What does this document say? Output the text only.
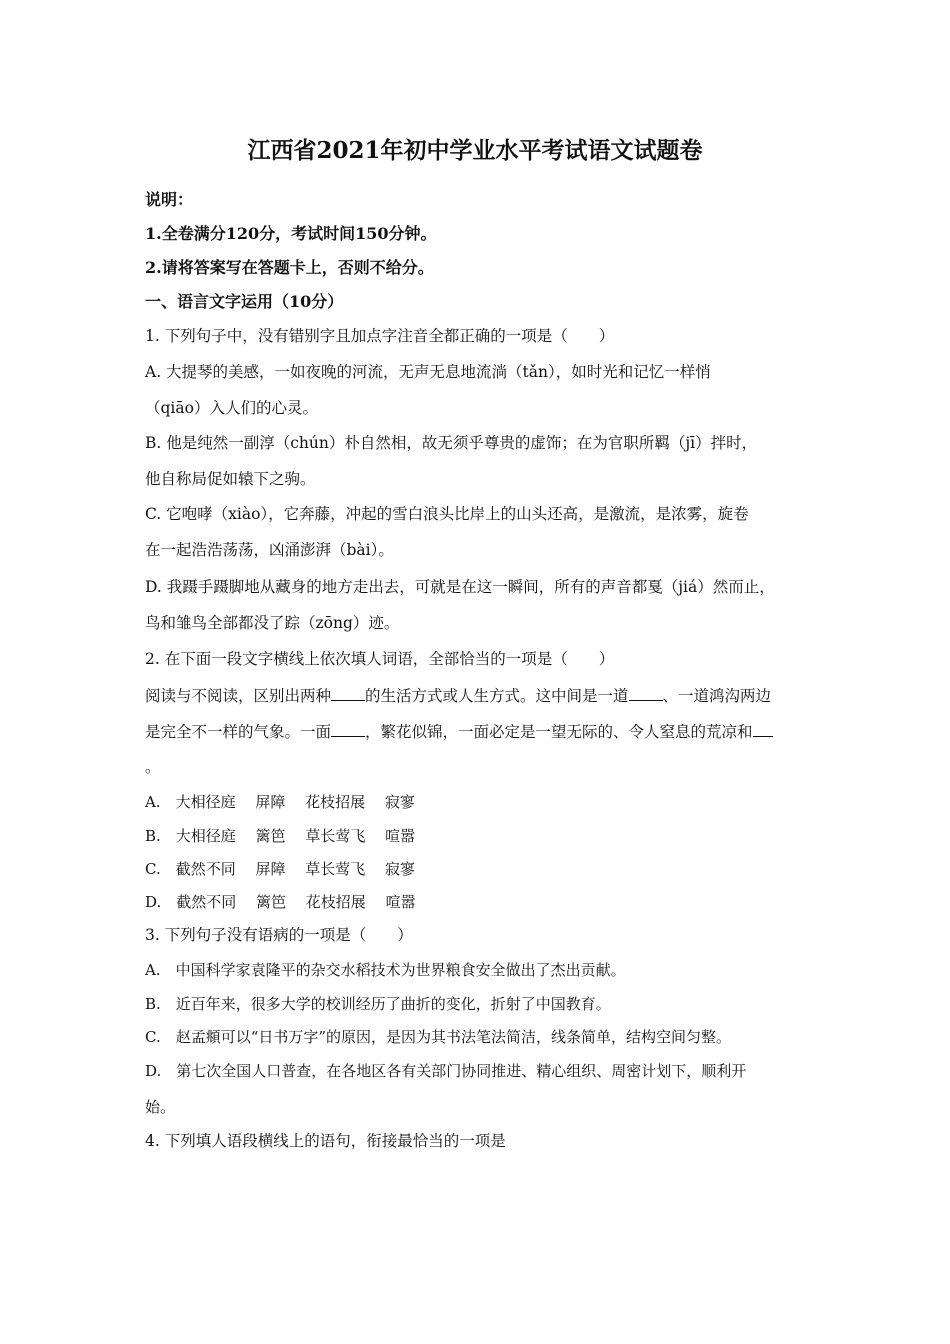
江西省2021年初中学业水平考试语文试题卷
说明：
1.全卷满分120分，考试时间150分钟。
2.请将答案写在答题卡上，否则不给分。
一、语言文字运用（10分）
1. 下列句子中，没有错别字且加点字注音全都正确的一项是（　　）
A. 大提琴的美感，一如夜晚的河流，无声无息地流淌（tǎn），如时光和记忆一样悄
（qiāo）入人们的心灵。
B. 他是纯然一副淳（chún）朴自然相，故无须乎尊贵的虚饰；在为官职所羁（jī）拌时，
他自称局促如辕下之驹。
C. 它咆哮（xiào），它奔藤，冲起的雪白浪头比岸上的山头还高，是激流，是浓雾，旋卷
在一起浩浩荡荡，凶涌澎湃（bài）。
D. 我蹑手蹑脚地从藏身的地方走出去，可就是在这一瞬间，所有的声音都戛（jiá）然而止，
鸟和雏鸟全部都没了踪（zōng）迹。
2. 在下面一段文字横线上依次填人词语，全部恰当的一项是（　　）
阅读与不阅读，区别出两种 的生活方式或人生方式。这中间是一道 、一道鸿沟两边
是完全不一样的气象。一面 ，繁花似锦，一面必定是一望无际的、令人窒息的荒凉和
。
A.　大相径庭　 屏障　 花枝招展　 寂寥
B.　大相径庭　 篱笆　 草长莺飞　 喧嚣
C.　截然不同　 屏障　 草长莺飞　 寂寥
D.　截然不同　 篱笆　 花枝招展　 喧嚣
3. 下列句子没有语病的一项是（　　）
A.　中国科学家袁隆平的杂交水稻技术为世界粮食安全做出了杰出贡献。
B.　近百年来，很多大学的校训经历了曲折的变化，折射了中国教育。
C.　赵孟頫可以“日书万字”的原因，是因为其书法笔法简洁，线条简单，结构空间匀整。
D.　第七次全国人口普查，在各地区各有关部门协同推进、精心组织、周密计划下，顺利开
始。
4. 下列填人语段横线上的语句，衔接最恰当的一项是
